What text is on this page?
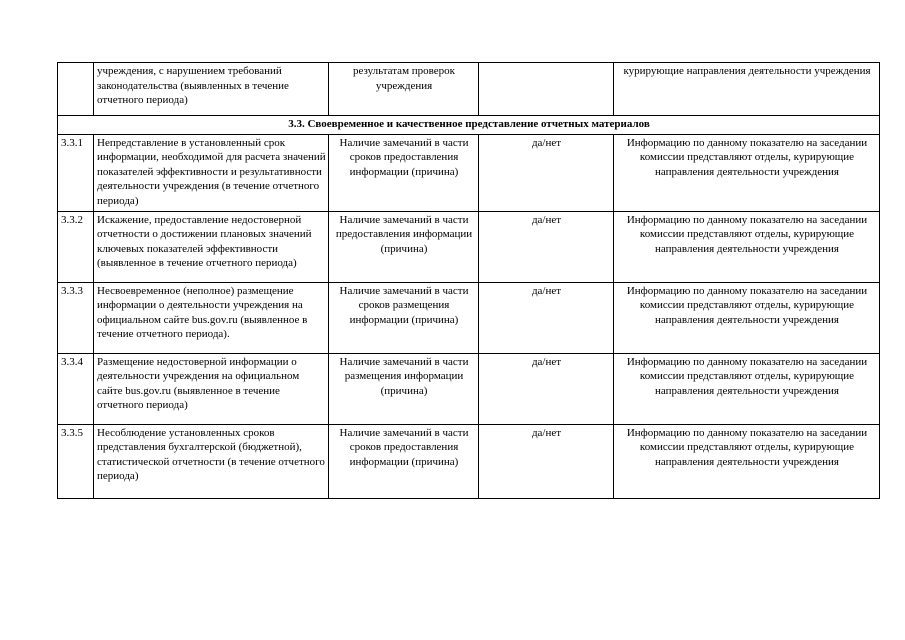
	учреждения, с нарушением требований законодательства (выявленных в течение отчетного периода)	результатам проверок учреждения		курирующие направления деятельности учреждения
3.3. Своевременное и качественное представление отчетных материалов				
3.3.1	Непредставление в установленный срок информации, необходимой для расчета значений показателей эффективности и результативности деятельности учреждения (в течение отчетного периода)	Наличие замечаний в части сроков предоставления информации (причина)	да/нет	Информацию по данному показателю на заседании комиссии представляют отделы, курирующие направления деятельности учреждения
3.3.2	Искажение, предоставление недостоверной отчетности о достижении плановых значений ключевых показателей эффективности (выявленное в течение отчетного периода)	Наличие замечаний в части предоставления информации (причина)	да/нет	Информацию по данному показателю на заседании комиссии представляют отделы, курирующие направления деятельности учреждения
3.3.3	Несвоевременное (неполное) размещение информации о деятельности учреждения на официальном сайте bus.gov.ru (выявленное в течение отчетного периода).	Наличие замечаний в части сроков размещения информации (причина)	да/нет	Информацию по данному показателю на заседании комиссии представляют отделы, курирующие направления деятельности учреждения
3.3.4	Размещение недостоверной информации о деятельности учреждения на официальном сайте bus.gov.ru (выявленное в течение отчетного периода)	Наличие замечаний в части размещения информации (причина)	да/нет	Информацию по данному показателю на заседании комиссии представляют отделы, курирующие направления деятельности учреждения
3.3.5	Несоблюдение установленных сроков представления бухгалтерской (бюджетной), статистической отчетности (в течение отчетного периода)	Наличие замечаний в части сроков предоставления информации (причина)	да/нет	Информацию по данному показателю на заседании комиссии представляют отделы, курирующие направления деятельности учреждения
